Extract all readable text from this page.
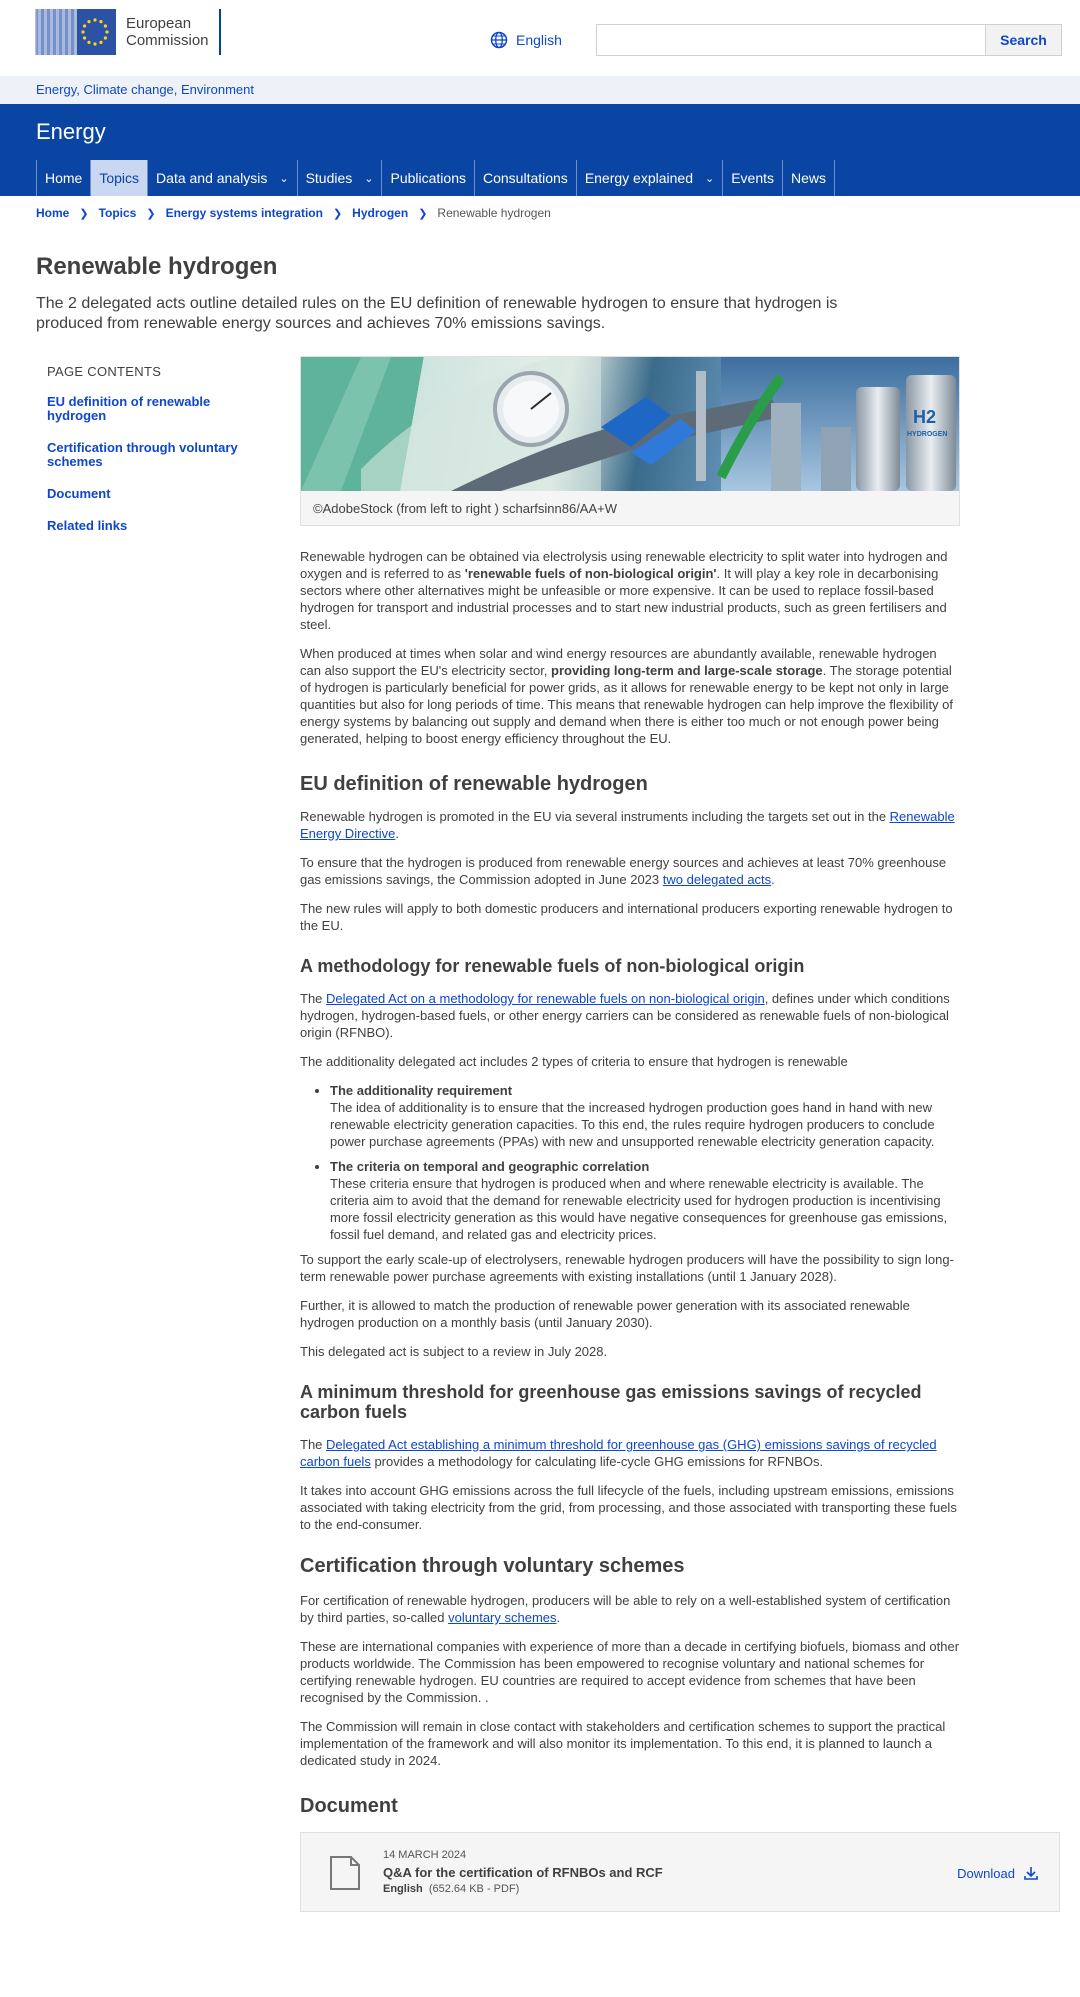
European
Commission	English	Search
Energy, Climate change, Environment
Energy
Home Topics Data and analysis ⌄ Studies ⌄ Publications Consultations Energy explained ⌄ Events News
Home ❯ Topics ❯ Energy systems integration ❯ Hydrogen ❯ Renewable hydrogen
Renewable hydrogen

The 2 delegated acts outline detailed rules on the EU definition of renewable hydrogen to ensure that hydrogen is produced from renewable energy sources and achieves 70% emissions savings.

PAGE CONTENTS
EU definition of renewable hydrogen
Certification through voluntary schemes
Document
Related links
H2
HYDROGEN
©AdobeStock (from left to right ) scharfsinn86/AA+W

Renewable hydrogen can be obtained via electrolysis using renewable electricity to split water into hydrogen and oxygen and is referred to as 'renewable fuels of non-biological origin'. It will play a key role in decarbonising sectors where other alternatives might be unfeasible or more expensive. It can be used to replace fossil-based hydrogen for transport and industrial processes and to start new industrial products, such as green fertilisers and steel.

When produced at times when solar and wind energy resources are abundantly available, renewable hydrogen can also support the EU's electricity sector, providing long-term and large-scale storage. The storage potential of hydrogen is particularly beneficial for power grids, as it allows for renewable energy to be kept not only in large quantities but also for long periods of time. This means that renewable hydrogen can help improve the flexibility of energy systems by balancing out supply and demand when there is either too much or not enough power being generated, helping to boost energy efficiency throughout the EU.

EU definition of renewable hydrogen

Renewable hydrogen is promoted in the EU via several instruments including the targets set out in the Renewable Energy Directive.

To ensure that the hydrogen is produced from renewable energy sources and achieves at least 70% greenhouse gas emissions savings, the Commission adopted in June 2023 two delegated acts.

The new rules will apply to both domestic producers and international producers exporting renewable hydrogen to the EU.

A methodology for renewable fuels of non-biological origin

The Delegated Act on a methodology for renewable fuels on non-biological origin, defines under which conditions hydrogen, hydrogen-based fuels, or other energy carriers can be considered as renewable fuels of non-biological origin (RFNBO).

The additionality delegated act includes 2 types of criteria to ensure that hydrogen is renewable

• The additionality requirement
The idea of additionality is to ensure that the increased hydrogen production goes hand in hand with new renewable electricity generation capacities. To this end, the rules require hydrogen producers to conclude power purchase agreements (PPAs) with new and unsupported renewable electricity generation capacity.
• The criteria on temporal and geographic correlation
These criteria ensure that hydrogen is produced when and where renewable electricity is available. The criteria aim to avoid that the demand for renewable electricity used for hydrogen production is incentivising more fossil electricity generation as this would have negative consequences for greenhouse gas emissions, fossil fuel demand, and related gas and electricity prices.

To support the early scale-up of electrolysers, renewable hydrogen producers will have the possibility to sign long-term renewable power purchase agreements with existing installations (until 1 January 2028).

Further, it is allowed to match the production of renewable power generation with its associated renewable hydrogen production on a monthly basis (until January 2030).

This delegated act is subject to a review in July 2028.

A minimum threshold for greenhouse gas emissions savings of recycled carbon fuels

The Delegated Act establishing a minimum threshold for greenhouse gas (GHG) emissions savings of recycled carbon fuels provides a methodology for calculating life-cycle GHG emissions for RFNBOs.

It takes into account GHG emissions across the full lifecycle of the fuels, including upstream emissions, emissions associated with taking electricity from the grid, from processing, and those associated with transporting these fuels to the end-consumer.

Certification through voluntary schemes

For certification of renewable hydrogen, producers will be able to rely on a well-established system of certification by third parties, so-called voluntary schemes.

These are international companies with experience of more than a decade in certifying biofuels, biomass and other products worldwide. The Commission has been empowered to recognise voluntary and national schemes for certifying renewable hydrogen. EU countries are required to accept evidence from schemes that have been recognised by the Commission. .

The Commission will remain in close contact with stakeholders and certification schemes to support the practical implementation of the framework and will also monitor its implementation. To this end, it is planned to launch a dedicated study in 2024.

Document
14 MARCH 2024
Q&A for the certification of RFNBOs and RCF
English (652.64 KB - PDF)
Download
